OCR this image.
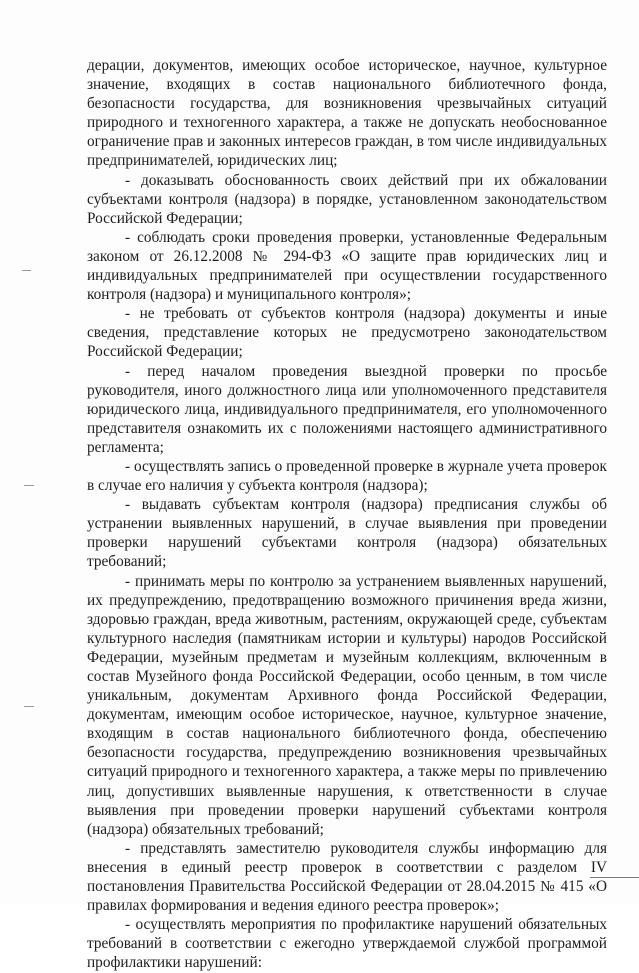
дерации, документов, имеющих особое историческое, научное, культурное значение, входящих в состав национального библиотечного фонда, безопасности государства, для возникновения чрезвычайных ситуаций природного и техногенного характера, а также не допускать необоснованное ограничение прав и законных интересов граждан, в том числе индивидуальных предпринимателей, юридических лиц;

- доказывать обоснованность своих действий при их обжаловании субъектами контроля (надзора) в порядке, установленном законодательством Российской Федерации;

- соблюдать сроки проведения проверки, установленные Федеральным законом от 26.12.2008 № 294-ФЗ «О защите прав юридических лиц и индивидуальных предпринимателей при осуществлении государственного контроля (надзора) и муниципального контроля»;

- не требовать от субъектов контроля (надзора) документы и иные сведения, представление которых не предусмотрено законодательством Российской Федерации;

- перед началом проведения выездной проверки по просьбе руководителя, иного должностного лица или уполномоченного представителя юридического лица, индивидуального предпринимателя, его уполномоченного представителя ознакомить их с положениями настоящего административного регламента;

- осуществлять запись о проведенной проверке в журнале учета проверок в случае его наличия у субъекта контроля (надзора);

- выдавать субъектам контроля (надзора) предписания службы об устранении выявленных нарушений, в случае выявления при проведении проверки нарушений субъектами контроля (надзора) обязательных требований;

- принимать меры по контролю за устранением выявленных нарушений, их предупреждению, предотвращению возможного причинения вреда жизни, здоровью граждан, вреда животным, растениям, окружающей среде, субъектам культурного наследия (памятникам истории и культуры) народов Российской Федерации, музейным предметам и музейным коллекциям, включенным в состав Музейного фонда Российской Федерации, особо ценным, в том числе уникальным, документам Архивного фонда Российской Федерации, документам, имеющим особое историческое, научное, культурное значение, входящим в состав национального библиотечного фонда, обеспечению безопасности государства, предупреждению возникновения чрезвычайных ситуаций природного и техногенного характера, а также меры по привлечению лиц, допустивших выявленные нарушения, к ответственности в случае выявления при проведении проверки нарушений субъектами контроля (надзора) обязательных требований;

- представлять заместителю руководителя службы информацию для внесения в единый реестр проверок в соответствии с разделом IV постановления Правительства Российской Федерации от 28.04.2015 № 415 «О правилах формирования и ведения единого реестра проверок»;

- осуществлять мероприятия по профилактике нарушений обязательных требований в соответствии с ежегодно утверждаемой службой программой профилактики нарушений:
